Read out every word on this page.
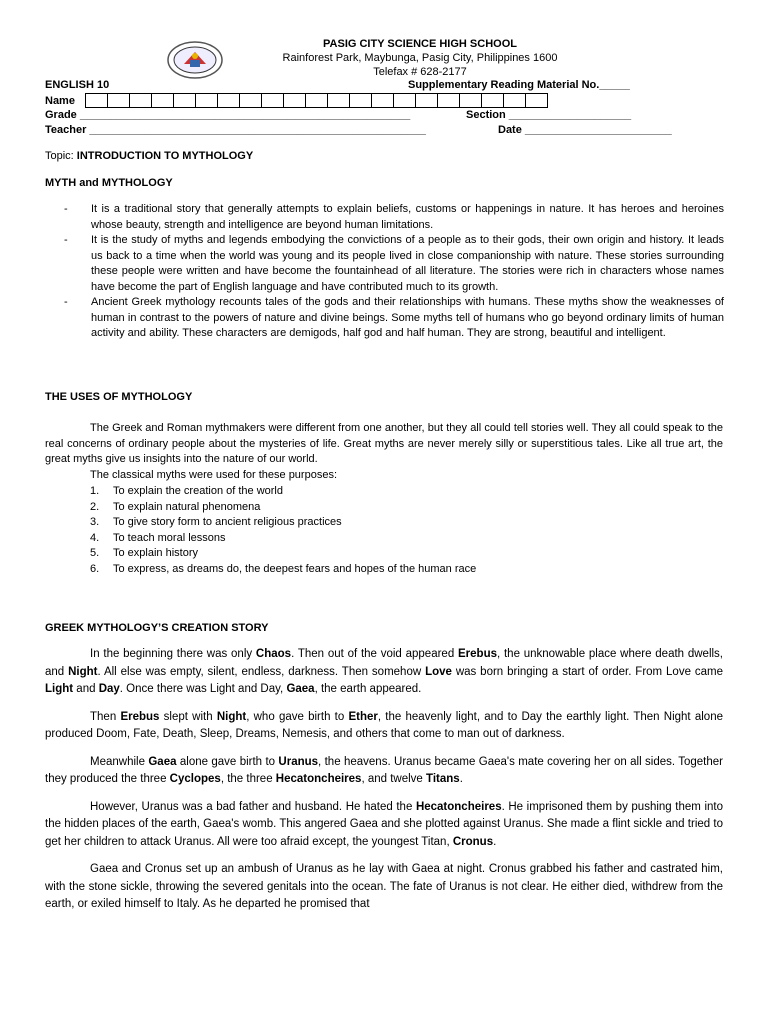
PASIG CITY SCIENCE HIGH SCHOOL
Rainforest Park, Maybunga, Pasig City, Philippines 1600
Telefax # 628-2177
ENGLISH 10	Supplementary Reading Material No._____
Name
Grade ______________________________________________________	Section ____________________
Teacher _______________________________________________________	Date ________________________
Topic: INTRODUCTION TO MYTHOLOGY
MYTH and MYTHOLOGY
- It is a traditional story that generally attempts to explain beliefs, customs or happenings in nature. It has heroes and heroines whose beauty, strength and intelligence are beyond human limitations.
- It is the study of myths and legends embodying the convictions of a people as to their gods, their own origin and history. It leads us back to a time when the world was young and its people lived in close companionship with nature. These stories surrounding these people were written and have become the fountainhead of all literature. The stories were rich in characters whose names have become the part of English language and have contributed much to its growth.
- Ancient Greek mythology recounts tales of the gods and their relationships with humans. These myths show the weaknesses of human in contrast to the powers of nature and divine beings. Some myths tell of humans who go beyond ordinary limits of human activity and ability. These characters are demigods, half god and half human. They are strong, beautiful and intelligent.
THE USES OF MYTHOLOGY

The Greek and Roman mythmakers were different from one another, but they all could tell stories well. They all could speak to the real concerns of ordinary people about the mysteries of life. Great myths are never merely silly or superstitious tales. Like all true art, the great myths give us insights into the nature of our world.

The classical myths were used for these purposes:

1. To explain the creation of the world
2. To explain natural phenomena
3. To give story form to ancient religious practices
4. To teach moral lessons
5. To explain history
6. To express, as dreams do, the deepest fears and hopes of the human race
GREEK MYTHOLOGY’S CREATION STORY

In the beginning there was only Chaos. Then out of the void appeared Erebus, the unknowable place where death dwells, and Night. All else was empty, silent, endless, darkness. Then somehow Love was born bringing a start of order. From Love came Light and Day. Once there was Light and Day, Gaea, the earth appeared.

Then Erebus slept with Night, who gave birth to Ether, the heavenly light, and to Day the earthly light. Then Night alone produced Doom, Fate, Death, Sleep, Dreams, Nemesis, and others that come to man out of darkness.

Meanwhile Gaea alone gave birth to Uranus, the heavens. Uranus became Gaea's mate covering her on all sides. Together they produced the three Cyclopes, the three Hecatoncheires, and twelve Titans.

However, Uranus was a bad father and husband. He hated the Hecatoncheires. He imprisoned them by pushing them into the hidden places of the earth, Gaea's womb. This angered Gaea and she plotted against Uranus. She made a flint sickle and tried to get her children to attack Uranus. All were too afraid except, the youngest Titan, Cronus.

Gaea and Cronus set up an ambush of Uranus as he lay with Gaea at night. Cronus grabbed his father and castrated him, with the stone sickle, throwing the severed genitals into the ocean. The fate of Uranus is not clear. He either died, withdrew from the earth, or exiled himself to Italy. As he departed he promised that
